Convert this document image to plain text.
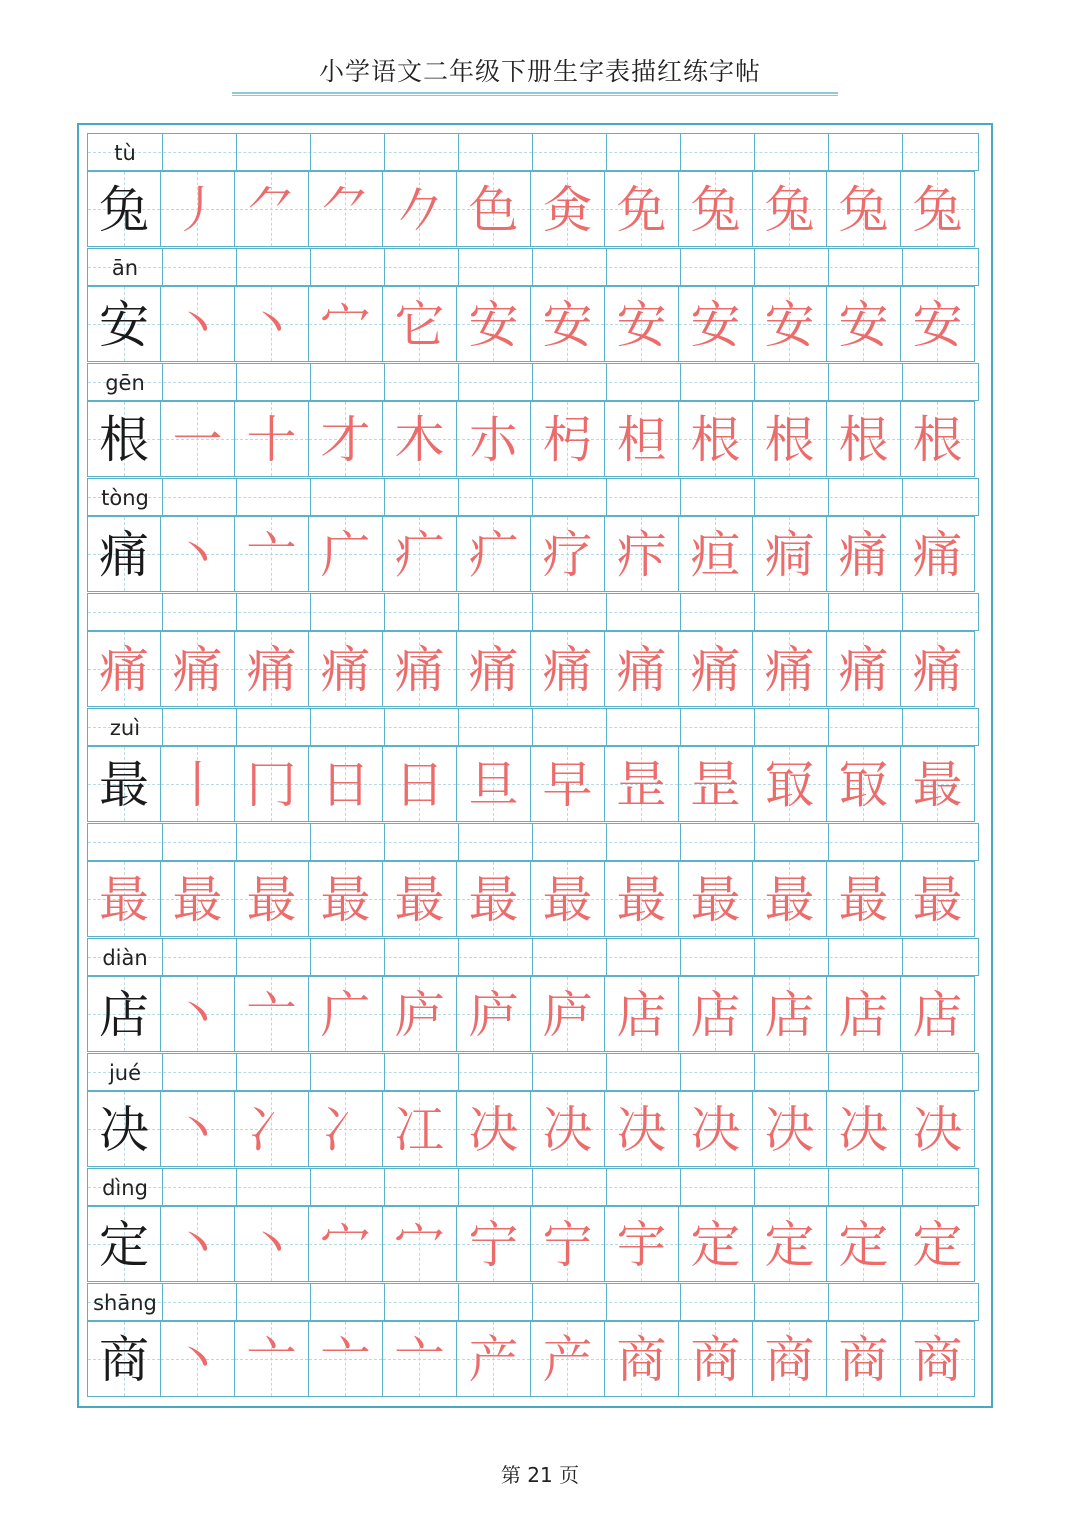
小学语文二年级下册生字表描红练字帖
tù
兔 丿 ⺈ ⺈ 𠂊 色 㑒 免 兔 兔 兔 兔
ān
安 丶 丶 宀 它 安 安 安 安 安 安 安
gēn
根 一 十 才 木 朩 杛 柦 根 根 根 根
tòng
痛 丶 亠 广 疒 疒 疗 疜 疸 痌 痛 痛
痛 痛 痛 痛 痛 痛 痛 痛 痛 痛 痛 痛
zuì
最 丨 冂 日 日 旦 早 昰 昰 冣 冣 最
最 最 最 最 最 最 最 最 最 最 最 最
diàn
店 丶 亠 广 庐 庐 庐 店 店 店 店 店
jué
决 丶 冫 冫 冮 决 决 决 决 决 决 决
dìng
定 丶 丶 宀 宀 宁 宁 宇 定 定 定 定
shāng
商 丶 亠 亠 亠 产 产 商 商 商 商 商
第 21 页
